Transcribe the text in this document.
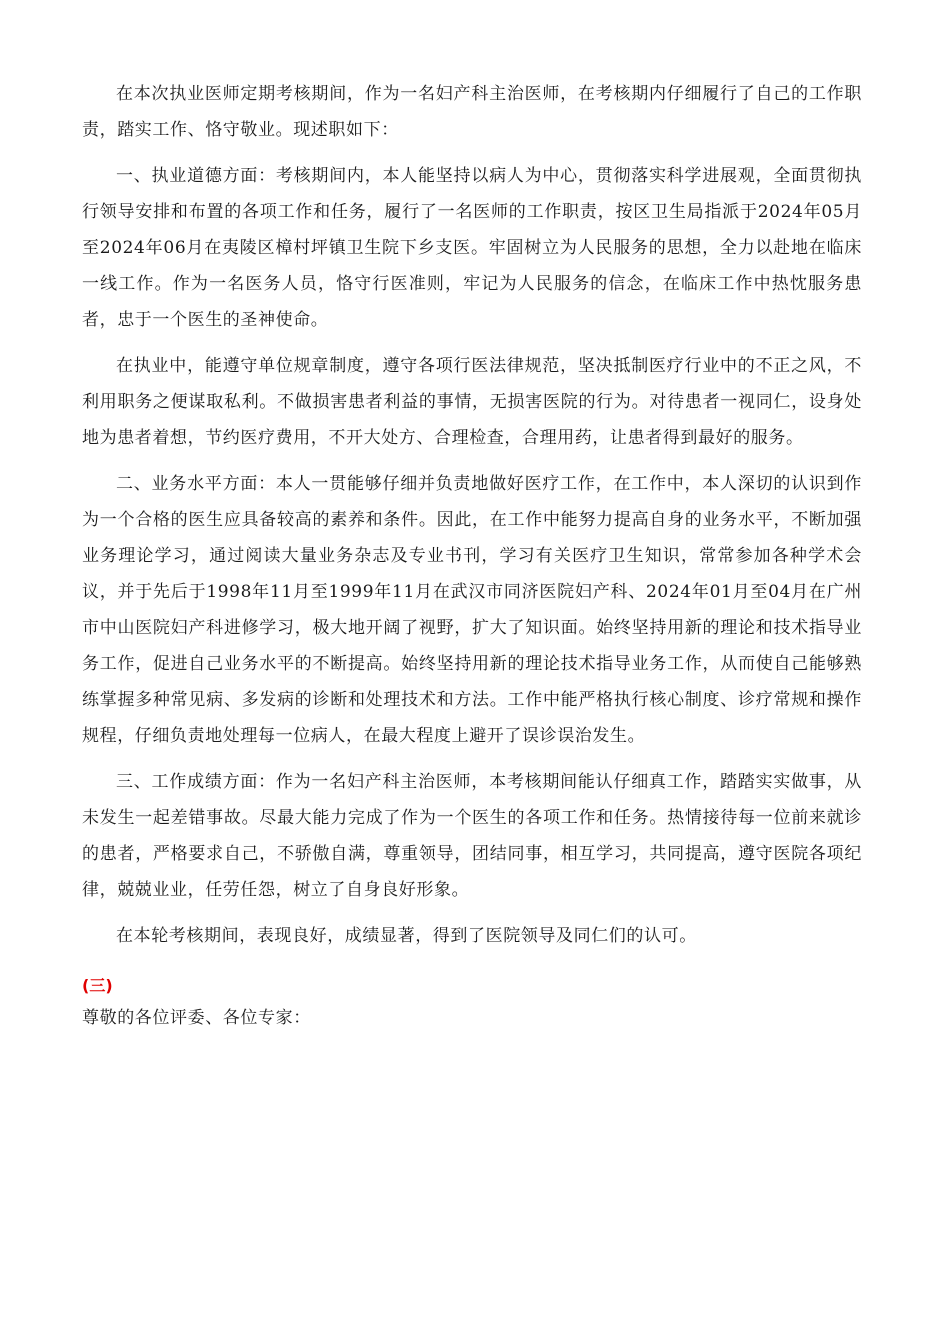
在本次执业医师定期考核期间，作为一名妇产科主治医师，在考核期内仔细履行了自己的工作职责，踏实工作、恪守敬业。现述职如下：

一、执业道德方面：考核期间内，本人能坚持以病人为中心，贯彻落实科学进展观，全面贯彻执行领导安排和布置的各项工作和任务，履行了一名医师的工作职责，按区卫生局指派于2024年05月至2024年06月在夷陵区樟村坪镇卫生院下乡支医。牢固树立为人民服务的思想，全力以赴地在临床一线工作。作为一名医务人员，恪守行医准则，牢记为人民服务的信念，在临床工作中热忱服务患者，忠于一个医生的圣神使命。

在执业中，能遵守单位规章制度，遵守各项行医法律规范，坚决抵制医疗行业中的不正之风，不利用职务之便谋取私利。不做损害患者利益的事情，无损害医院的行为。对待患者一视同仁，设身处地为患者着想，节约医疗费用，不开大处方、合理检查，合理用药，让患者得到最好的服务。

二、业务水平方面：本人一贯能够仔细并负责地做好医疗工作，在工作中，本人深切的认识到作为一个合格的医生应具备较高的素养和条件。因此，在工作中能努力提高自身的业务水平，不断加强业务理论学习，通过阅读大量业务杂志及专业书刊，学习有关医疗卫生知识，常常参加各种学术会议，并于先后于1998年11月至1999年11月在武汉市同济医院妇产科、2024年01月至04月在广州市中山医院妇产科进修学习，极大地开阔了视野，扩大了知识面。始终坚持用新的理论和技术指导业务工作，促进自己业务水平的不断提高。始终坚持用新的理论技术指导业务工作，从而使自己能够熟练掌握多种常见病、多发病的诊断和处理技术和方法。工作中能严格执行核心制度、诊疗常规和操作规程，仔细负责地处理每一位病人，在最大程度上避开了误诊误治发生。

三、工作成绩方面：作为一名妇产科主治医师，本考核期间能认仔细真工作，踏踏实实做事，从未发生一起差错事故。尽最大能力完成了作为一个医生的各项工作和任务。热情接待每一位前来就诊的患者，严格要求自己，不骄傲自满，尊重领导，团结同事，相互学习，共同提高，遵守医院各项纪律，兢兢业业，任劳任怨，树立了自身良好形象。

在本轮考核期间，表现良好，成绩显著，得到了医院领导及同仁们的认可。

(三)

尊敬的各位评委、各位专家：
